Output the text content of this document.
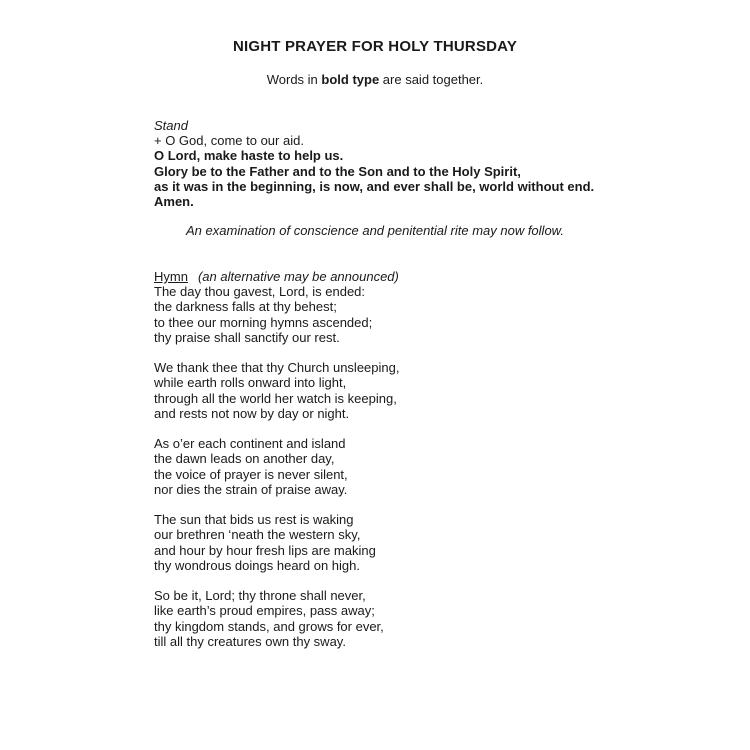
NIGHT PRAYER FOR HOLY THURSDAY
Words in bold type are said together.
Stand
+ O God, come to our aid.
O Lord, make haste to help us.
Glory be to the Father and to the Son and to the Holy Spirit,
as it was in the beginning, is now, and ever shall be, world without end.
Amen.
An examination of conscience and penitential rite may now follow.
Hymn (an alternative may be announced)
The day thou gavest, Lord, is ended:
the darkness falls at thy behest;
to thee our morning hymns ascended;
thy praise shall sanctify our rest.
We thank thee that thy Church unsleeping,
while earth rolls onward into light,
through all the world her watch is keeping,
and rests not now by day or night.
As o’er each continent and island
the dawn leads on another day,
the voice of prayer is never silent,
nor dies the strain of praise away.
The sun that bids us rest is waking
our brethren ‘neath the western sky,
and hour by hour fresh lips are making
thy wondrous doings heard on high.
So be it, Lord; thy throne shall never,
like earth’s proud empires, pass away;
thy kingdom stands, and grows for ever,
till all thy creatures own thy sway.
